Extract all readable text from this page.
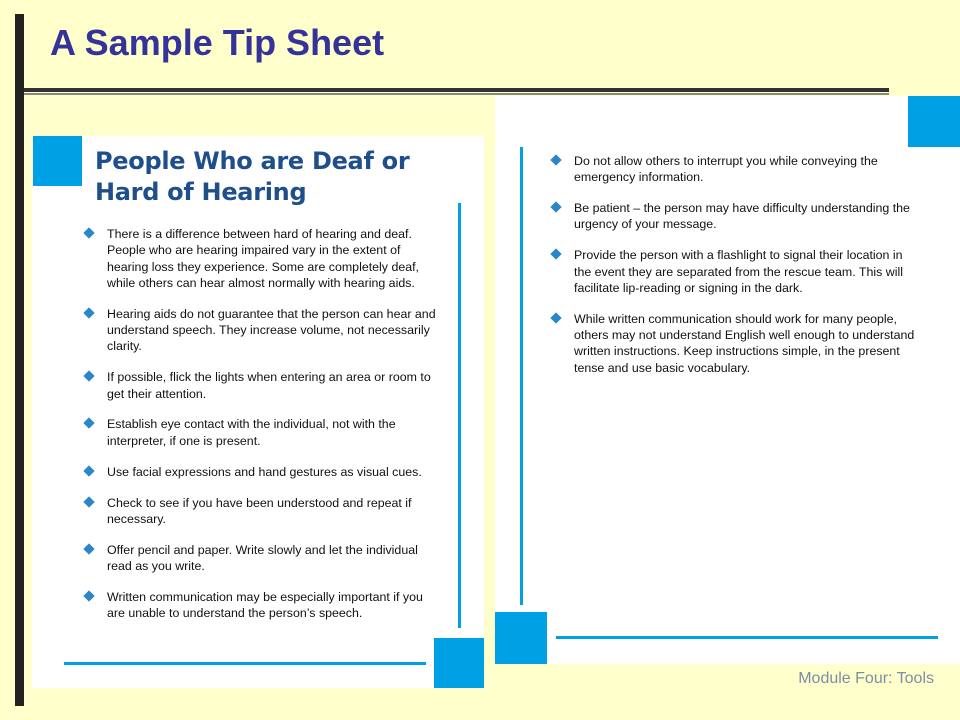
A Sample Tip Sheet
People Who are Deaf or
Hard of Hearing
There is a difference between hard of hearing and deaf. People who are hearing impaired vary in the extent of hearing loss they experience. Some are completely deaf, while others can hear almost normally with hearing aids.
Hearing aids do not guarantee that the person can hear and understand speech. They increase volume, not necessarily clarity.
If possible, flick the lights when entering an area or room to get their attention.
Establish eye contact with the individual, not with the interpreter, if one is present.
Use facial expressions and hand gestures as visual cues.
Check to see if you have been understood and repeat if necessary.
Offer pencil and paper. Write slowly and let the individual read as you write.
Written communication may be especially important if you are unable to understand the person’s speech.
Do not allow others to interrupt you while conveying the emergency information.
Be patient – the person may have difficulty understanding the urgency of your message.
Provide the person with a flashlight to signal their location in the event they are separated from the rescue team. This will facilitate lip-reading or signing in the dark.
While written communication should work for many people, others may not understand English well enough to understand written instructions. Keep instructions simple, in the present tense and use basic vocabulary.
Module Four: Tools
